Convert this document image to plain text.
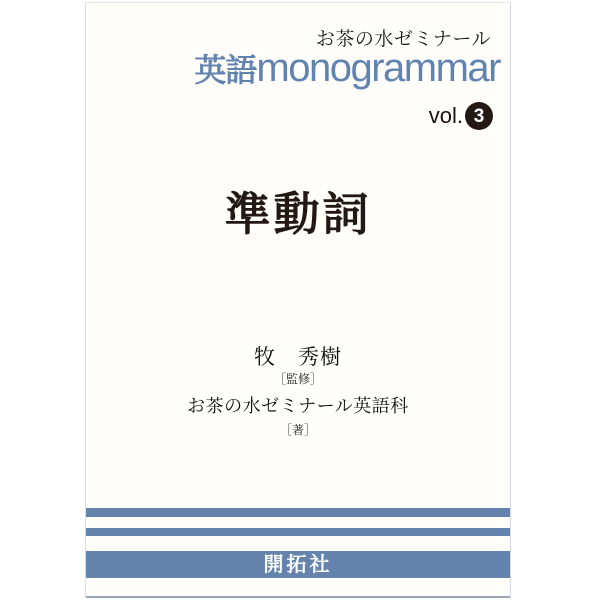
お茶の水ゼミナール
英語monogrammar
vol. 3
準動詞
牧　秀樹
［監修］
お茶の水ゼミナール英語科
［著］
開拓社
